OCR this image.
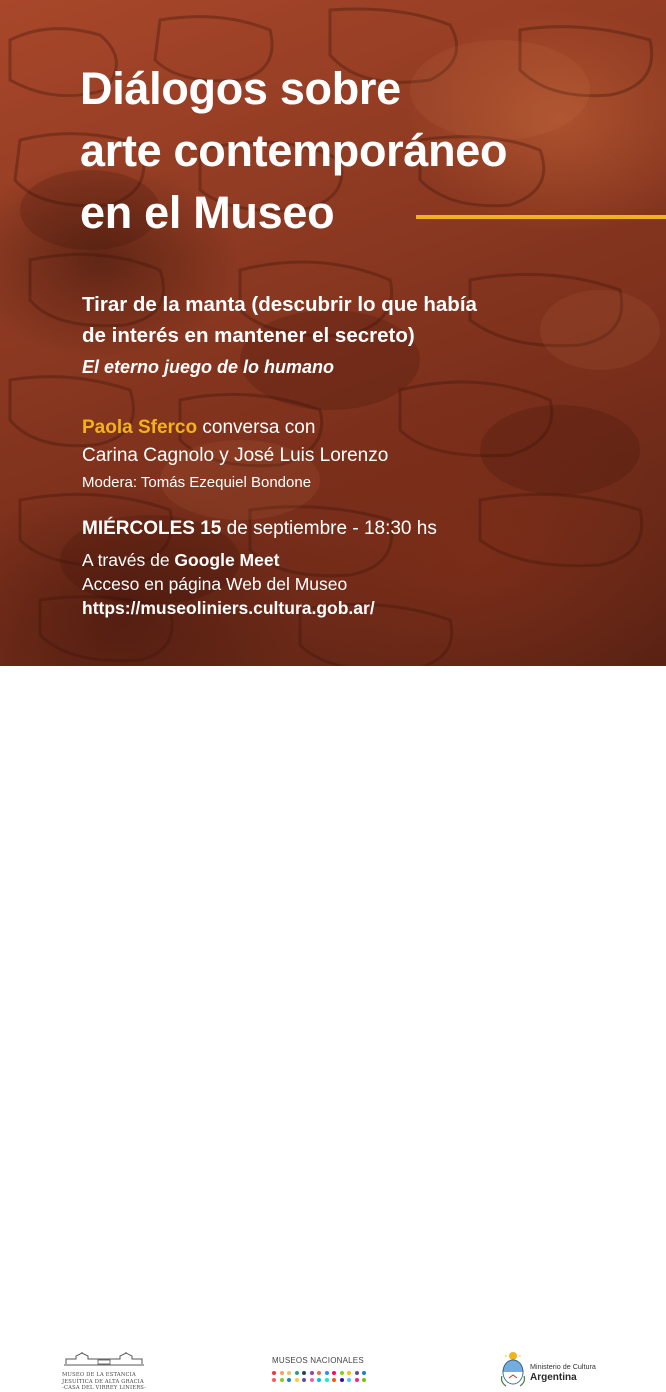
Diálogos sobre
arte contemporáneo
en el Museo
Tirar de la manta (descubrir lo que había
de interés en mantener el secreto)
El eterno juego de lo humano
Paola Sferco conversa con
Carina Cagnolo y José Luis Lorenzo
Modera: Tomás Ezequiel Bondone
MIÉRCOLES 15 de septiembre - 18:30 hs
A través de Google Meet
Acceso en página Web del Museo
https://museoliniers.cultura.gob.ar/
MUSEO DE LA ESTANCIA
JESUÍTICA DE ALTA GRACIA
-CASA DEL VIRREY LINIERS-
MUSEOS NACIONALES
Ministerio de Cultura
Argentina
